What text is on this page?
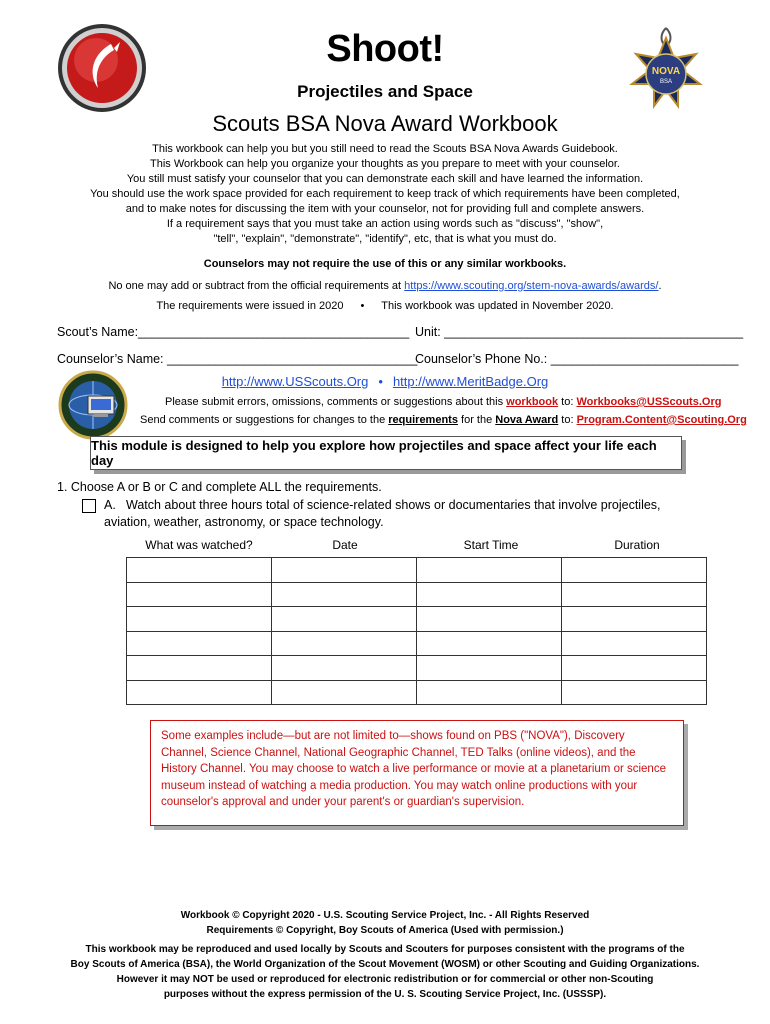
NOVA
BSA
Shoot!
Projectiles and Space
Scouts BSA Nova Award Workbook
This workbook can help you but you still need to read the Scouts BSA Nova Awards Guidebook.
This Workbook can help you organize your thoughts as you prepare to meet with your counselor.
You still must satisfy your counselor that you can demonstrate each skill and have learned the information.
You should use the work space provided for each requirement to keep track of which requirements have been completed,
and to make notes for discussing the item with your counselor, not for providing full and complete answers.
If a requirement says that you must take an action using words such as "discuss", "show",
"tell", "explain", "demonstrate", "identify", etc, that is what you must do.
Counselors may not require the use of this or any similar workbooks.
No one may add or subtract from the official requirements at https://www.scouting.org/stem-nova-awards/awards/.
The requirements were issued in 2020 • This workbook was updated in November 2020.
Scout’s Name:_______________________________________ Unit: ___________________________________________
Counselor’s Name: ____________________________________
Counselor’s Phone No.: ___________________________
http://www.USScouts.Org • http://www.MeritBadge.Org
Please submit errors, omissions, comments or suggestions about this workbook to: Workbooks@USScouts.Org
Send comments or suggestions for changes to the requirements for the Nova Award to: Program.Content@Scouting.Org
This module is designed to help you explore how projectiles and space affect your life each day
1. Choose A or B or C and complete ALL the requirements.
A. Watch about three hours total of science-related shows or documentaries that involve projectiles, aviation, weather, astronomy, or space technology.
What was watched?	Date	Start Time	Duration

Some examples include—but are not limited to—shows found on PBS ("NOVA"), Discovery Channel, Science Channel, National Geographic Channel, TED Talks (online videos), and the History Channel. You may choose to watch a live performance or movie at a planetarium or science museum instead of watching a media production. You may watch online productions with your counselor's approval and under your parent's or guardian's supervision.
Workbook © Copyright 2020 - U.S. Scouting Service Project, Inc. - All Rights Reserved
Requirements © Copyright, Boy Scouts of America (Used with permission.)
This workbook may be reproduced and used locally by Scouts and Scouters for purposes consistent with the programs of the
Boy Scouts of America (BSA), the World Organization of the Scout Movement (WOSM) or other Scouting and Guiding Organizations.
However it may NOT be used or reproduced for electronic redistribution or for commercial or other non-Scouting
purposes without the express permission of the U. S. Scouting Service Project, Inc. (USSSP).
